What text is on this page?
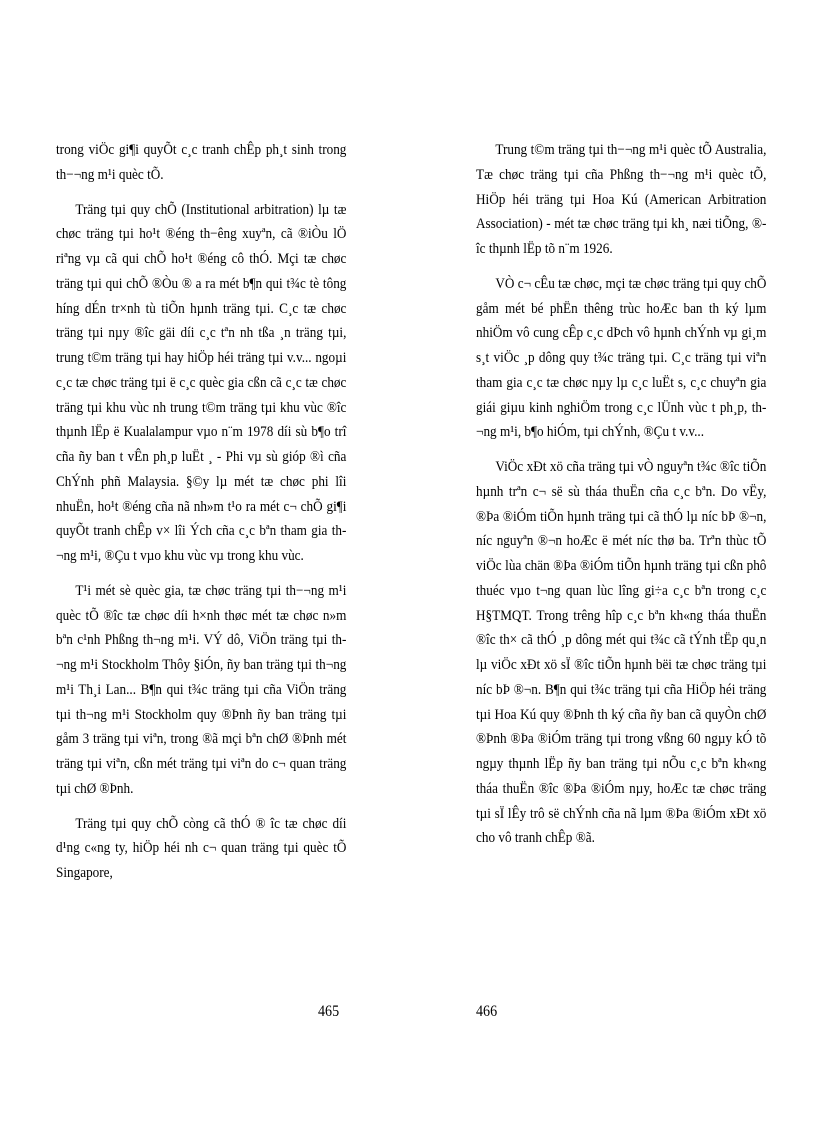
trong viÖc gi¶i quyÕt c¸c tranh chÊp ph¸t sinh trong th−¬ng m¹i quèc tÕ.

Träng tµi quy chÕ (Institutional arbitration) lµ tæ chøc träng tµi ho¹t ®éng th−êng xuyªn, cã ®iÒu lÖ riªng vµ cã qui chÕ ho¹t ®éng cô thÓ. Mçi tæ chøc träng tµi qui chÕ ®Òu ® a ra mét b¶n qui t¾c tè tông híng dÉn tr×nh tù tiÕn hµnh träng tµi. C¸c tæ chøc träng tµi nµy ®îc gäi díi c¸c tªn nh tßa ¸n träng tµi, trung t©m träng tµi hay hiÖp héi träng tµi v.v... ngoµi c¸c tæ chøc träng tµi ë c¸c quèc gia cßn cã c¸c tæ chøc träng tµi khu vùc nh trung t©m träng tµi khu vùc ®îc thµnh lËp ë Kualalampur vµo n¨m 1978 díi sù b¶o trî cña ñy ban t vÊn ph¸p luËt ¸ - Phi vµ sù gióp ®ì cña ChÝnh phñ Malaysia. §©y lµ mét tæ chøc phi lîi nhuËn, ho¹t ®éng cña nã nh»m t¹o ra mét c¬ chÕ gi¶i quyÕt tranh chÊp v× lîi Ých cña c¸c bªn tham gia th¬ng m¹i, ®Çu t vµo khu vùc vµ trong khu vùc.

T¹i mét sè quèc gia, tæ chøc träng tµi th−¬ng m¹i quèc tÕ ®îc tæ chøc díi h×nh thøc mét tæ chøc n»m bªn c¹nh Phßng th¬ng m¹i. VÝ dô, ViÖn träng tµi th¬ng m¹i Stockholm Thôy §iÓn, ñy ban träng tµi th¬ng m¹i Th¸i Lan... B¶n qui t¾c träng tµi cña ViÖn träng tµi th¬ng m¹i Stockholm quy ®Þnh ñy ban träng tµi gåm 3 träng tµi viªn, trong ®ã mçi bªn chØ ®Þnh mét träng tµi viªn, cßn mét träng tµi viªn do c¬ quan träng tµi chØ ®Þnh.

Träng tµi quy chÕ còng cã thÓ ® îc tæ chøc díi d¹ng c«ng ty, hiÖp héi nh c¬ quan träng tµi quèc tÕ Singapore,

465

Trung t©m träng tµi th−¬ng m¹i quèc tÕ Australia, Tæ chøc träng tµi cña Phßng th−¬ng m¹i quèc tÕ, HiÖp héi träng tµi Hoa Kú (American Arbitration Association) - mét tæ chøc träng tµi kh¸ næi tiÕng, ®îc thµnh lËp tõ n¨m 1926.

VÒ c¬ cÊu tæ chøc, mçi tæ chøc träng tµi quy chÕ gåm mét bé phËn thêng trùc hoÆc ban th ký lµm nhiÖm vô cung cÊp c¸c dÞch vô hµnh chÝnh vµ gi¸m s¸t viÖc ¸p dông quy t¾c träng tµi. C¸c träng tµi viªn tham gia c¸c tæ chøc nµy lµ c¸c luËt s, c¸c chuyªn gia giái giµu kinh nghiÖm trong c¸c lÜnh vùc t ph¸p, th¬ng m¹i, b¶o hiÓm, tµi chÝnh, ®Çu t v.v...

ViÖc xÐt xö cña träng tµi vÒ nguyªn t¾c ®îc tiÕn hµnh trªn c¬ së sù tháa thuËn cña c¸c bªn. Do vËy, ®Þa ®iÓm tiÕn hµnh träng tµi cã thÓ lµ níc bÞ ®¬n, níc nguyªn ®¬n hoÆc ë mét níc thø ba. Trªn thùc tÕ viÖc lùa chän ®Þa ®iÓm tiÕn hµnh träng tµi cßn phô thuéc vµo t¬ng quan lùc lîng gi÷a c¸c bªn trong c¸c H§TMQT. Trong trêng hîp c¸c bªn kh«ng tháa thuËn ®îc th× cã thÓ ¸p dông mét qui t¾c cã tÝnh tËp qu¸n lµ viÖc xÐt xö sÏ ®îc tiÕn hµnh bëi tæ chøc träng tµi níc bÞ ®¬n. B¶n qui t¾c träng tµi cña HiÖp héi träng tµi Hoa Kú quy ®Þnh th ký cña ñy ban cã quyÒn chØ ®Þnh ®Þa ®iÓm träng tµi trong vßng 60 ngµy kÓ tõ ngµy thµnh lËp ñy ban träng tµi nÕu c¸c bªn kh«ng tháa thuËn ®îc ®Þa ®iÓm nµy, hoÆc tæ chøc träng tµi sÏ lÊy trô së chÝnh cña nã lµm ®Þa ®iÓm xÐt xö cho vô tranh chÊp ®ã.

466
